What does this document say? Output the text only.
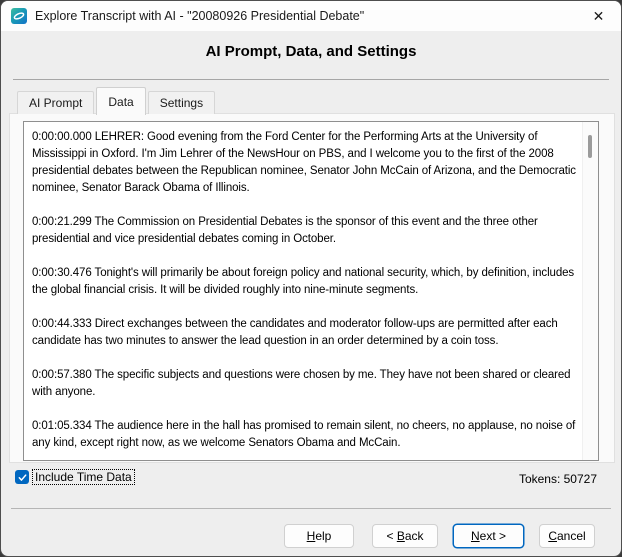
Explore Transcript with AI - "20080926 Presidential Debate"	✕
AI Prompt, Data, and Settings
AI Prompt	Data	Settings

0:00:00.000 LEHRER: Good evening from the Ford Center for the Performing Arts at the University of Mississippi in Oxford. I'm Jim Lehrer of the NewsHour on PBS, and I welcome you to the first of the 2008 presidential debates between the Republican nominee, Senator John McCain of Arizona, and the Democratic nominee, Senator Barack Obama of Illinois.

0:00:21.299 The Commission on Presidential Debates is the sponsor of this event and the three other presidential and vice presidential debates coming in October.

0:00:30.476 Tonight's will primarily be about foreign policy and national security, which, by definition, includes the global financial crisis. It will be divided roughly into nine-minute segments.

0:00:44.333 Direct exchanges between the candidates and moderator follow-ups are permitted after each candidate has two minutes to answer the lead question in an order determined by a coin toss.

0:00:57.380 The specific subjects and questions were chosen by me. They have not been shared or cleared with anyone.

0:01:05.334 The audience here in the hall has promised to remain silent, no cheers, no applause, no noise of any kind, except right now, as we welcome Senators Obama and McCain.

Include Time Data	Tokens: 50727
Help	< Back	Next >	Cancel
